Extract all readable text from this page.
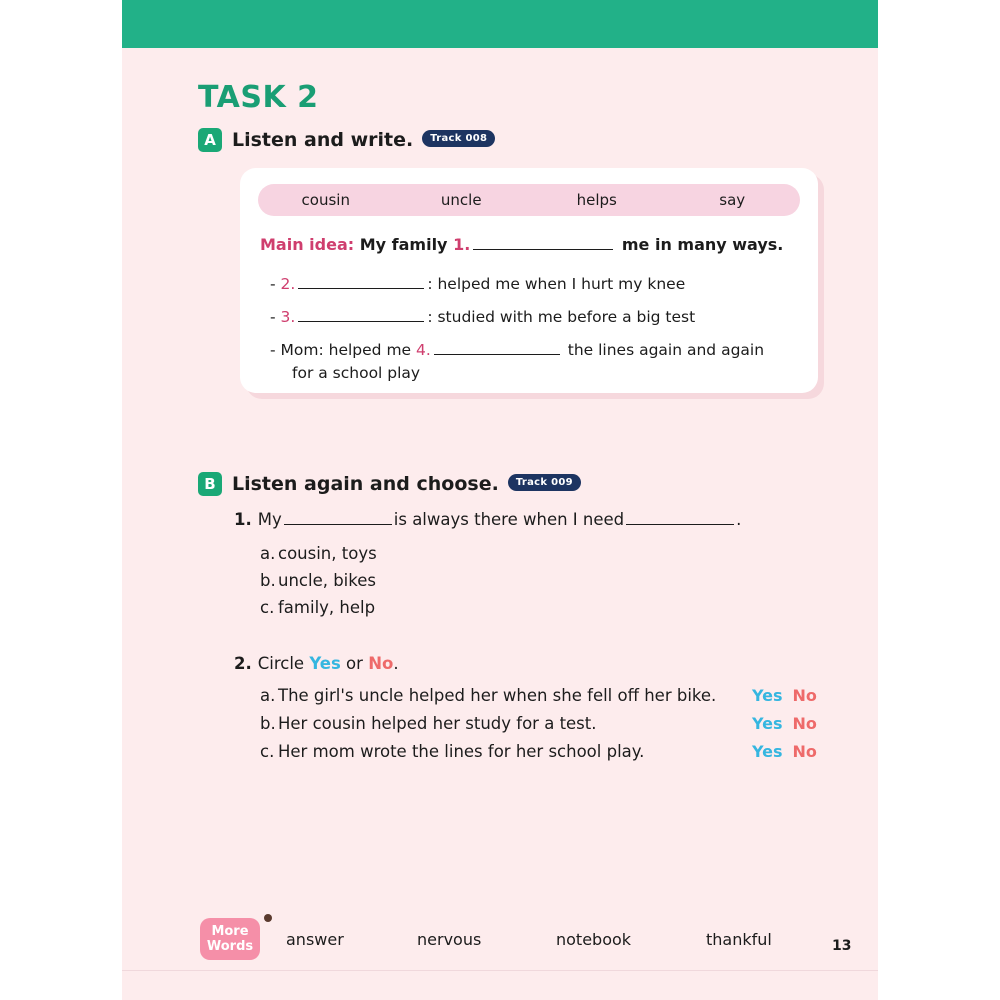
TASK 2
A Listen and write.	Track 008
cousin	uncle	helps	say
Main idea: My family 1.	me in many ways.
- 2.	: helped me when I hurt my knee
- 3.	: studied with me before a big test
- Mom: helped me 4.	the lines again and again
for a school play
B Listen again and choose.	Track 009
1. My	is always there when I need	.
a. cousin, toys
b. uncle, bikes
c. family, help
2. Circle Yes or No.
a. The girl's uncle helped her when she fell off her bike. Yes No
b. Her cousin helped her study for a test.	Yes No
c. Her mom wrote the lines for her school play.	Yes No
More
Words answer	nervous	notebook	thankful	13
